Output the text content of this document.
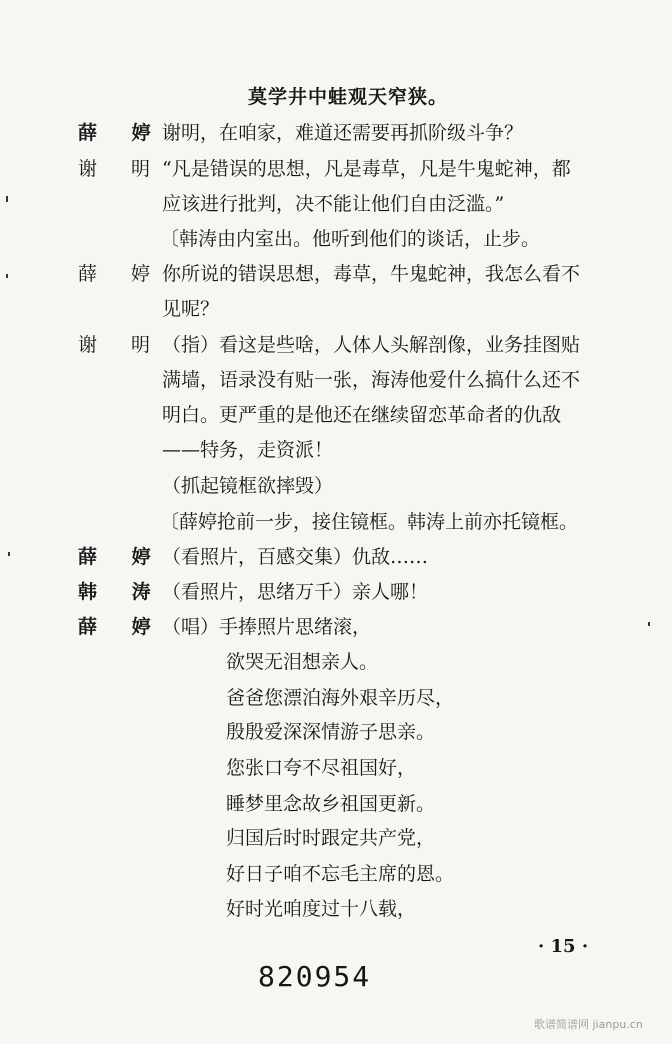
莫学井中蛙观天窄狭。
薛 婷
谢明，在咱家，难道还需要再抓阶级斗争？
谢 明
“凡是错误的思想，凡是毒草，凡是牛鬼蛇神，都
应该进行批判，决不能让他们自由泛滥。”
〔韩涛由内室出。他听到他们的谈话，止步。
薛 婷
你所说的错误思想，毒草，牛鬼蛇神，我怎么看不
见呢？
谢 明
（指）看这是些啥，人体人头解剖像，业务挂图贴
满墙，语录没有贴一张，海涛他爱什么搞什么还不
明白。更严重的是他还在继续留恋革命者的仇敌
——特务，走资派！
（抓起镜框欲摔毁）
〔薛婷抢前一步，接住镜框。韩涛上前亦托镜框。
薛 婷
（看照片，百感交集）仇敌……
韩 涛
（看照片，思绪万千）亲人哪！
薛 婷
（唱）手捧照片思绪滚，
欲哭无泪想亲人。
爸爸您漂泊海外艰辛历尽，
殷殷爱深深情游子思亲。
您张口夸不尽祖国好，
睡梦里念故乡祖国更新。
归国后时时跟定共产党，
好日子咱不忘毛主席的恩。
好时光咱度过十八载，
· 15 ·
820954
歌谱简谱网 jianpu.cn
